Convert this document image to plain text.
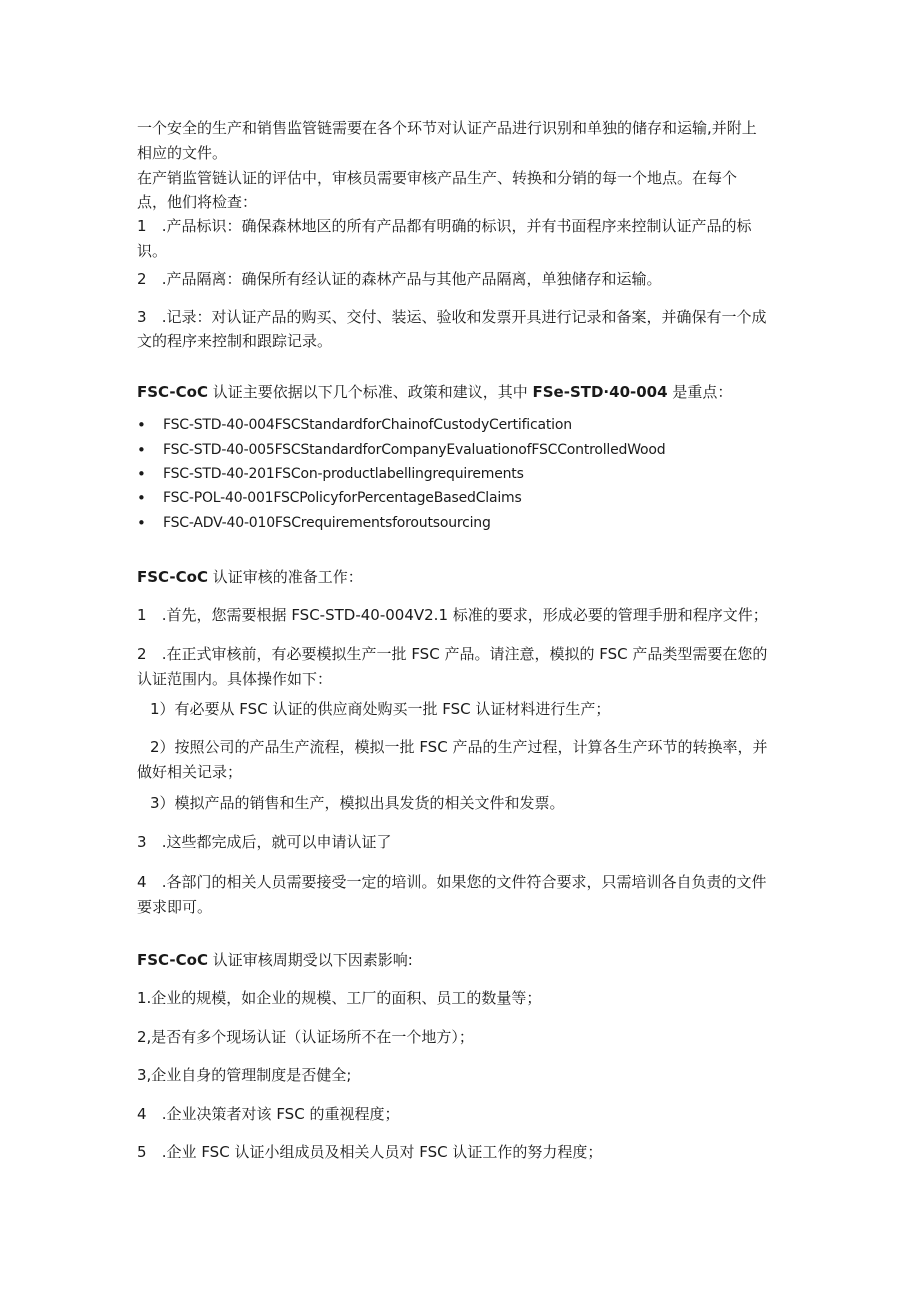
一个安全的生产和销售监管链需要在各个环节对认证产品进行识别和单独的储存和运输,并附上
相应的文件。
在产销监管链认证的评估中，审核员需要审核产品生产、转换和分销的每一个地点。在每个
点，他们将检查：
1 .产品标识：确保森林地区的所有产品都有明确的标识，并有书面程序来控制认证产品的标
识。
2 .产品隔离：确保所有经认证的森林产品与其他产品隔离，单独储存和运输。
3 .记录：对认证产品的购买、交付、装运、验收和发票开具进行记录和备案，并确保有一个成
文的程序来控制和跟踪记录。
FSC-CoC 认证主要依据以下几个标准、政策和建议，其中 FSe-STD·40-004 是重点：
• FSC-STD-40-004FSCStandardforChainofCustodyCertification
• FSC-STD-40-005FSCStandardforCompanyEvaluationofFSCControlledWood
• FSC-STD-40-201FSCon-productlabellingrequirements
• FSC-POL-40-001FSCPolicyforPercentageBasedClaims
• FSC-ADV-40-010FSCrequirementsforoutsourcing
FSC-CoC 认证审核的准备工作：
1 .首先，您需要根据 FSC-STD-40-004V2.1 标准的要求，形成必要的管理手册和程序文件；
2 .在正式审核前，有必要模拟生产一批 FSC 产品。请注意，模拟的 FSC 产品类型需要在您的
认证范围内。具体操作如下：
1）有必要从 FSC 认证的供应商处购买一批 FSC 认证材料进行生产；
2）按照公司的产品生产流程，模拟一批 FSC 产品的生产过程，计算各生产环节的转换率，并
做好相关记录；
3）模拟产品的销售和生产，模拟出具发货的相关文件和发票。
3 .这些都完成后，就可以申请认证了
4 .各部门的相关人员需要接受一定的培训。如果您的文件符合要求，只需培训各自负责的文件
要求即可。
FSC-CoC 认证审核周期受以下因素影响:
1.企业的规模，如企业的规模、工厂的面积、员工的数量等；
2,是否有多个现场认证（认证场所不在一个地方）；
3,企业自身的管理制度是否健全;
4 .企业决策者对该 FSC 的重视程度；
5 .企业 FSC 认证小组成员及相关人员对 FSC 认证工作的努力程度；
